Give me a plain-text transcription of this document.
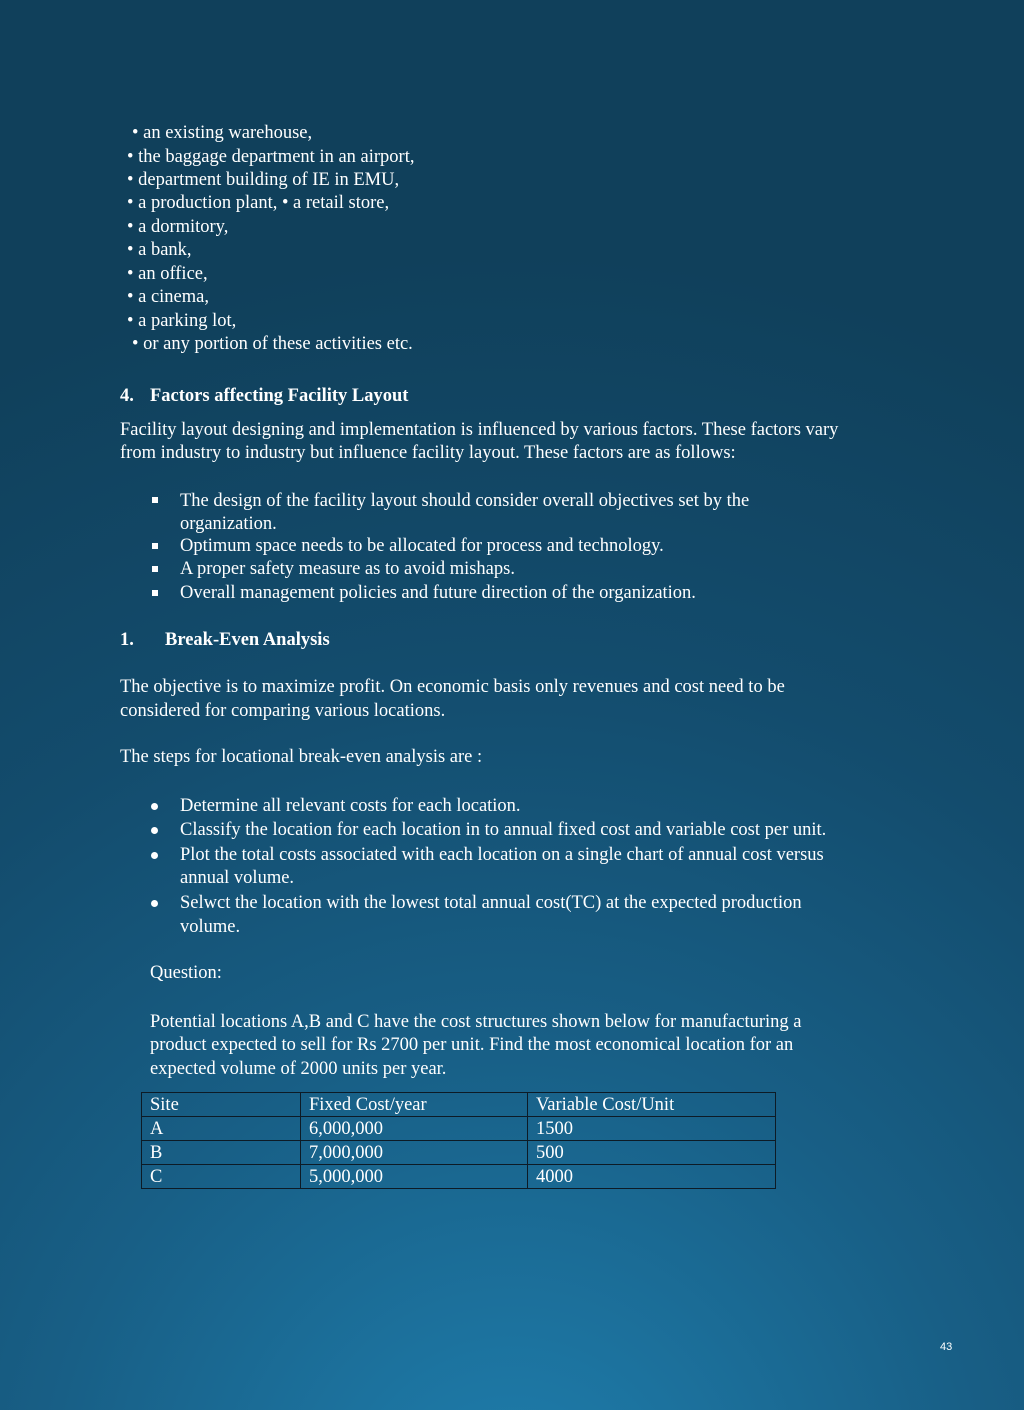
• an existing warehouse,
• the baggage department in an airport,
• department building of IE in EMU,
• a production plant, • a retail store,
• a dormitory,
• a bank,
• an office,
• a cinema,
• a parking lot,
• or any portion of these activities etc.
4. Factors affecting Facility Layout
Facility layout designing and implementation is influenced by various factors. These factors vary
from industry to industry but influence facility layout. These factors are as follows:
The design of the facility layout should consider overall objectives set by the
organization.
Optimum space needs to be allocated for process and technology.
A proper safety measure as to avoid mishaps.
Overall management policies and future direction of the organization.
1. Break-Even Analysis
The objective is to maximize profit. On economic basis only revenues and cost need to be
considered for comparing various locations.
The steps for locational break-even analysis are :
Determine all relevant costs for each location.
Classify the location for each location in to annual fixed cost and variable cost per unit.
Plot the total costs associated with each location on a single chart of annual cost versus
annual volume.
Selwct the location with the lowest total annual cost(TC) at the expected production
volume.
Question:
Potential locations A,B and C have the cost structures shown below for manufacturing a
product expected to sell for Rs 2700 per unit. Find the most economical location for an
expected volume of 2000 units per year.
Site	Fixed Cost/year	Variable Cost/Unit
A	6,000,000	1500
B	7,000,000	500
C	5,000,000	4000
43
